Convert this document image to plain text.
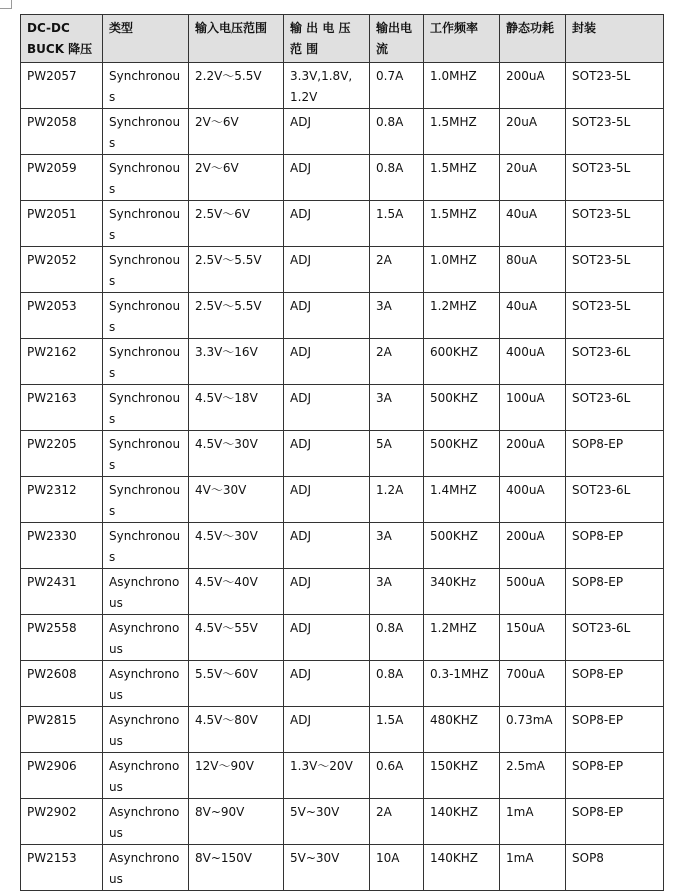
DC-DC BUCK 降压	类型	输入电压范围	输 出 电 压 范 围	输出电流	工作频率	静态功耗	封装
PW2057	Synchronous	2.2V～5.5V	3.3V,1.8V,1.2V	0.7A	1.0MHZ	200uA	SOT23-5L
PW2058	Synchronous	2V～6V	ADJ	0.8A	1.5MHZ	20uA	SOT23-5L
PW2059	Synchronous	2V～6V	ADJ	0.8A	1.5MHZ	20uA	SOT23-5L
PW2051	Synchronous	2.5V～6V	ADJ	1.5A	1.5MHZ	40uA	SOT23-5L
PW2052	Synchronous	2.5V～5.5V	ADJ	2A	1.0MHZ	80uA	SOT23-5L
PW2053	Synchronous	2.5V～5.5V	ADJ	3A	1.2MHZ	40uA	SOT23-5L
PW2162	Synchronous	3.3V～16V	ADJ	2A	600KHZ	400uA	SOT23-6L
PW2163	Synchronous	4.5V～18V	ADJ	3A	500KHZ	100uA	SOT23-6L
PW2205	Synchronous	4.5V～30V	ADJ	5A	500KHZ	200uA	SOP8-EP
PW2312	Synchronous	4V～30V	ADJ	1.2A	1.4MHZ	400uA	SOT23-6L
PW2330	Synchronous	4.5V～30V	ADJ	3A	500KHZ	200uA	SOP8-EP
PW2431	Asynchronous	4.5V～40V	ADJ	3A	340KHz	500uA	SOP8-EP
PW2558	Asynchronous	4.5V～55V	ADJ	0.8A	1.2MHZ	150uA	SOT23-6L
PW2608	Asynchronous	5.5V～60V	ADJ	0.8A	0.3-1MHZ	700uA	SOP8-EP
PW2815	Asynchronous	4.5V～80V	ADJ	1.5A	480KHZ	0.73mA	SOP8-EP
PW2906	Asynchronous	12V～90V	1.3V～20V	0.6A	150KHZ	2.5mA	SOP8-EP
PW2902	Asynchronous	8V~90V	5V~30V	2A	140KHZ	1mA	SOP8-EP
PW2153	Asynchronous	8V~150V	5V~30V	10A	140KHZ	1mA	SOP8
